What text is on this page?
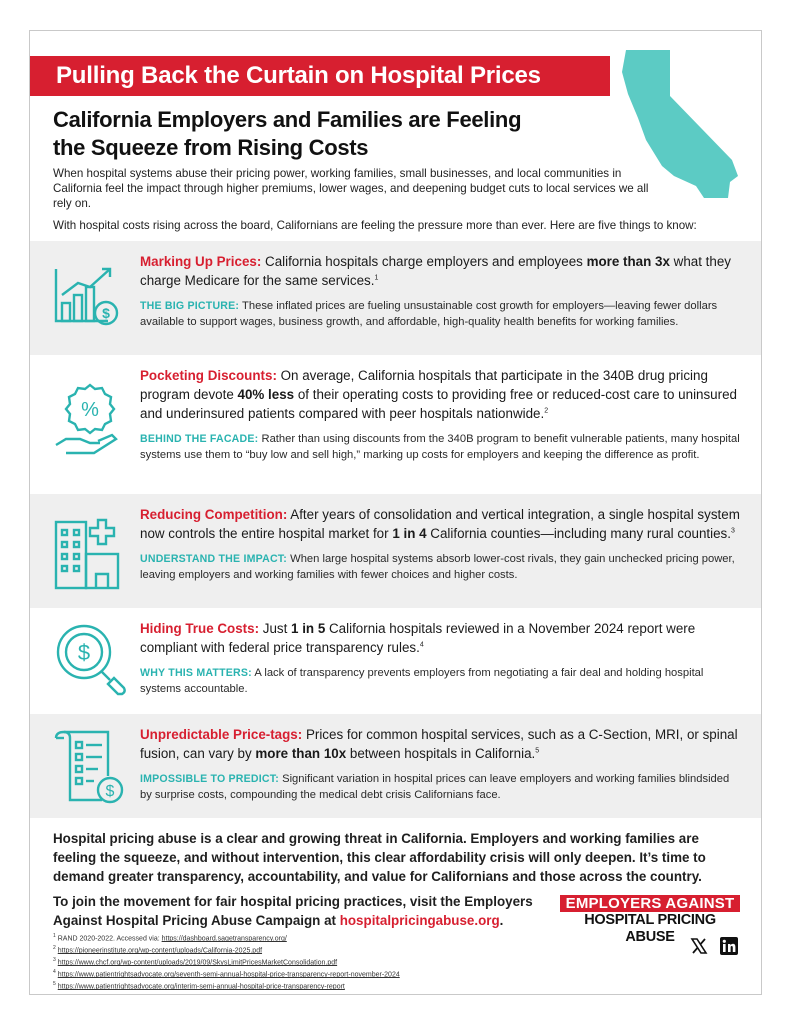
Pulling Back the Curtain on Hospital Prices
California Employers and Families are Feeling
the Squeeze from Rising Costs
When hospital systems abuse their pricing power, working families, small businesses, and local communities in California feel the impact through higher premiums, lower wages, and deepening budget cuts to local services we all rely on.
With hospital costs rising across the board, Californians are feeling the pressure more than ever. Here are five things to know:
$

Marking Up Prices: California hospitals charge employers and employees more than 3x what they charge Medicare for the same services.$^1$

THE BIG PICTURE: These inflated prices are fueling unsustainable cost growth for employers—leaving fewer dollars available to support wages, business growth, and affordable, high-quality health benefits for working families.
%

Pocketing Discounts: On average, California hospitals that participate in the 340B drug pricing program devote 40% less of their operating costs to providing free or reduced-cost care to uninsured and underinsured patients compared with peer hospitals nationwide.$^2$

BEHIND THE FACADE: Rather than using discounts from the 340B program to benefit vulnerable patients, many hospital systems use them to “buy low and sell high,” marking up costs for employers and keeping the difference as profit.

Reducing Competition: After years of consolidation and vertical integration, a single hospital system now controls the entire hospital market for 1 in 4 California counties—including many rural counties.$^3$

UNDERSTAND THE IMPACT: When large hospital systems absorb lower-cost rivals, they gain unchecked pricing power, leaving employers and working families with fewer choices and higher costs.
$

Hiding True Costs: Just 1 in 5 California hospitals reviewed in a November 2024 report were compliant with federal price transparency rules.$^4$

WHY THIS MATTERS: A lack of transparency prevents employers from negotiating a fair deal and holding hospital systems accountable.
$

Unpredictable Price-tags: Prices for common hospital services, such as a C-Section, MRI, or spinal fusion, can vary by more than 10x between hospitals in California.$^5$

IMPOSSIBLE TO PREDICT: Significant variation in hospital prices can leave employers and working families blindsided by surprise costs, compounding the medical debt crisis Californians face.
Hospital pricing abuse is a clear and growing threat in California. Employers and working families are feeling the squeeze, and without intervention, this clear affordability crisis will only deepen. It’s time to demand greater transparency, accountability, and value for Californians and those across the country.
To join the movement for fair hospital pricing practices, visit the Employers Against Hospital Pricing Abuse Campaign at hospitalpricingabuse.org.
EMPLOYERS AGAINST
HOSPITAL PRICING ABUSE
$^1$ RAND 2020-2022. Accessed via: https://dashboard.sagetransparency.org/
$^2$ https://pioneerinstitute.org/wp-content/uploads/California-2025.pdf
$^3$ https://www.chcf.org/wp-content/uploads/2019/09/SkysLimitPricesMarketConsolidation.pdf
$^4$ https://www.patientrightsadvocate.org/seventh-semi-annual-hospital-price-transparency-report-november-2024
$^5$ https://www.patientrightsadvocate.org/interim-semi-annual-hospital-price-transparency-report
